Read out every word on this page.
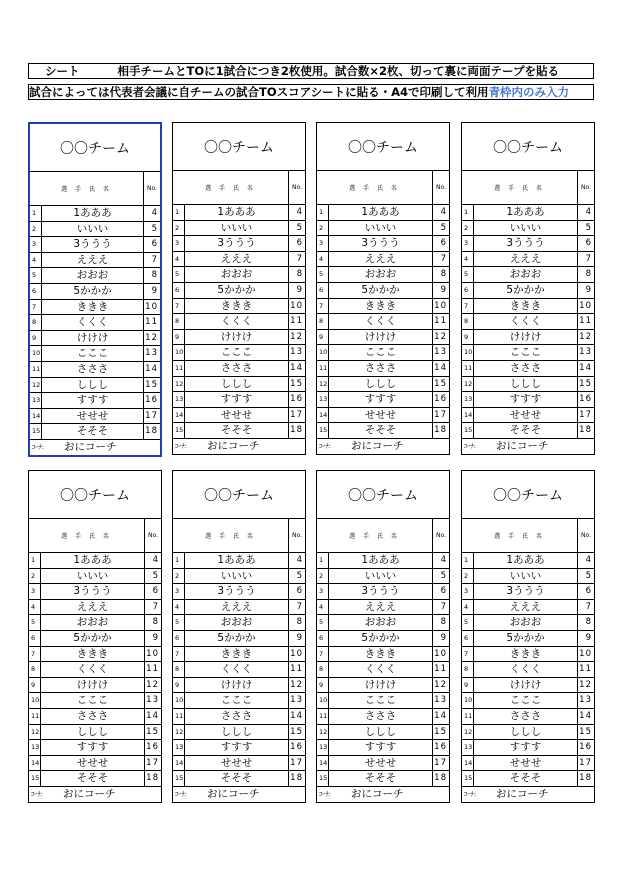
シート	相手チームとTOに1試合につき2枚使用。試合数×2枚、切って裏に両面テープを貼る
試合によっては代表者会議に自チームの試合TOスコアシートに貼る・A4で印刷して利用青枠内のみ入力
〇〇チーム
選 手 氏 名	No.
1	1あああ	4
2	いいい	5
3	3ううう	6
4	えええ	7
5	おおお	8
6	5かかか	9
7	ききき	10
8	くくく	11
9	けけけ	12
10	こここ	13
11	さささ	14
12	ししし	15
13	すすす	16
14	せせせ	17
15	そそそ	18
ｺｰﾁ:	おにコーチ
〇〇チーム
選 手 氏 名	No.
1	1あああ	4
2	いいい	5
3	3ううう	6
4	えええ	7
5	おおお	8
6	5かかか	9
7	ききき	10
8	くくく	11
9	けけけ	12
10	こここ	13
11	さささ	14
12	ししし	15
13	すすす	16
14	せせせ	17
15	そそそ	18
ｺｰﾁ:	おにコーチ
〇〇チーム
選 手 氏 名	No.
1	1あああ	4
2	いいい	5
3	3ううう	6
4	えええ	7
5	おおお	8
6	5かかか	9
7	ききき	10
8	くくく	11
9	けけけ	12
10	こここ	13
11	さささ	14
12	ししし	15
13	すすす	16
14	せせせ	17
15	そそそ	18
ｺｰﾁ:	おにコーチ
〇〇チーム
選 手 氏 名	No.
1	1あああ	4
2	いいい	5
3	3ううう	6
4	えええ	7
5	おおお	8
6	5かかか	9
7	ききき	10
8	くくく	11
9	けけけ	12
10	こここ	13
11	さささ	14
12	ししし	15
13	すすす	16
14	せせせ	17
15	そそそ	18
ｺｰﾁ:	おにコーチ
〇〇チーム
選 手 氏 名	No.
1	1あああ	4
2	いいい	5
3	3ううう	6
4	えええ	7
5	おおお	8
6	5かかか	9
7	ききき	10
8	くくく	11
9	けけけ	12
10	こここ	13
11	さささ	14
12	ししし	15
13	すすす	16
14	せせせ	17
15	そそそ	18
ｺｰﾁ:	おにコーチ
〇〇チーム
選 手 氏 名	No.
1	1あああ	4
2	いいい	5
3	3ううう	6
4	えええ	7
5	おおお	8
6	5かかか	9
7	ききき	10
8	くくく	11
9	けけけ	12
10	こここ	13
11	さささ	14
12	ししし	15
13	すすす	16
14	せせせ	17
15	そそそ	18
ｺｰﾁ:	おにコーチ
〇〇チーム
選 手 氏 名	No.
1	1あああ	4
2	いいい	5
3	3ううう	6
4	えええ	7
5	おおお	8
6	5かかか	9
7	ききき	10
8	くくく	11
9	けけけ	12
10	こここ	13
11	さささ	14
12	ししし	15
13	すすす	16
14	せせせ	17
15	そそそ	18
ｺｰﾁ:	おにコーチ
〇〇チーム
選 手 氏 名	No.
1	1あああ	4
2	いいい	5
3	3ううう	6
4	えええ	7
5	おおお	8
6	5かかか	9
7	ききき	10
8	くくく	11
9	けけけ	12
10	こここ	13
11	さささ	14
12	ししし	15
13	すすす	16
14	せせせ	17
15	そそそ	18
ｺｰﾁ:	おにコーチ
